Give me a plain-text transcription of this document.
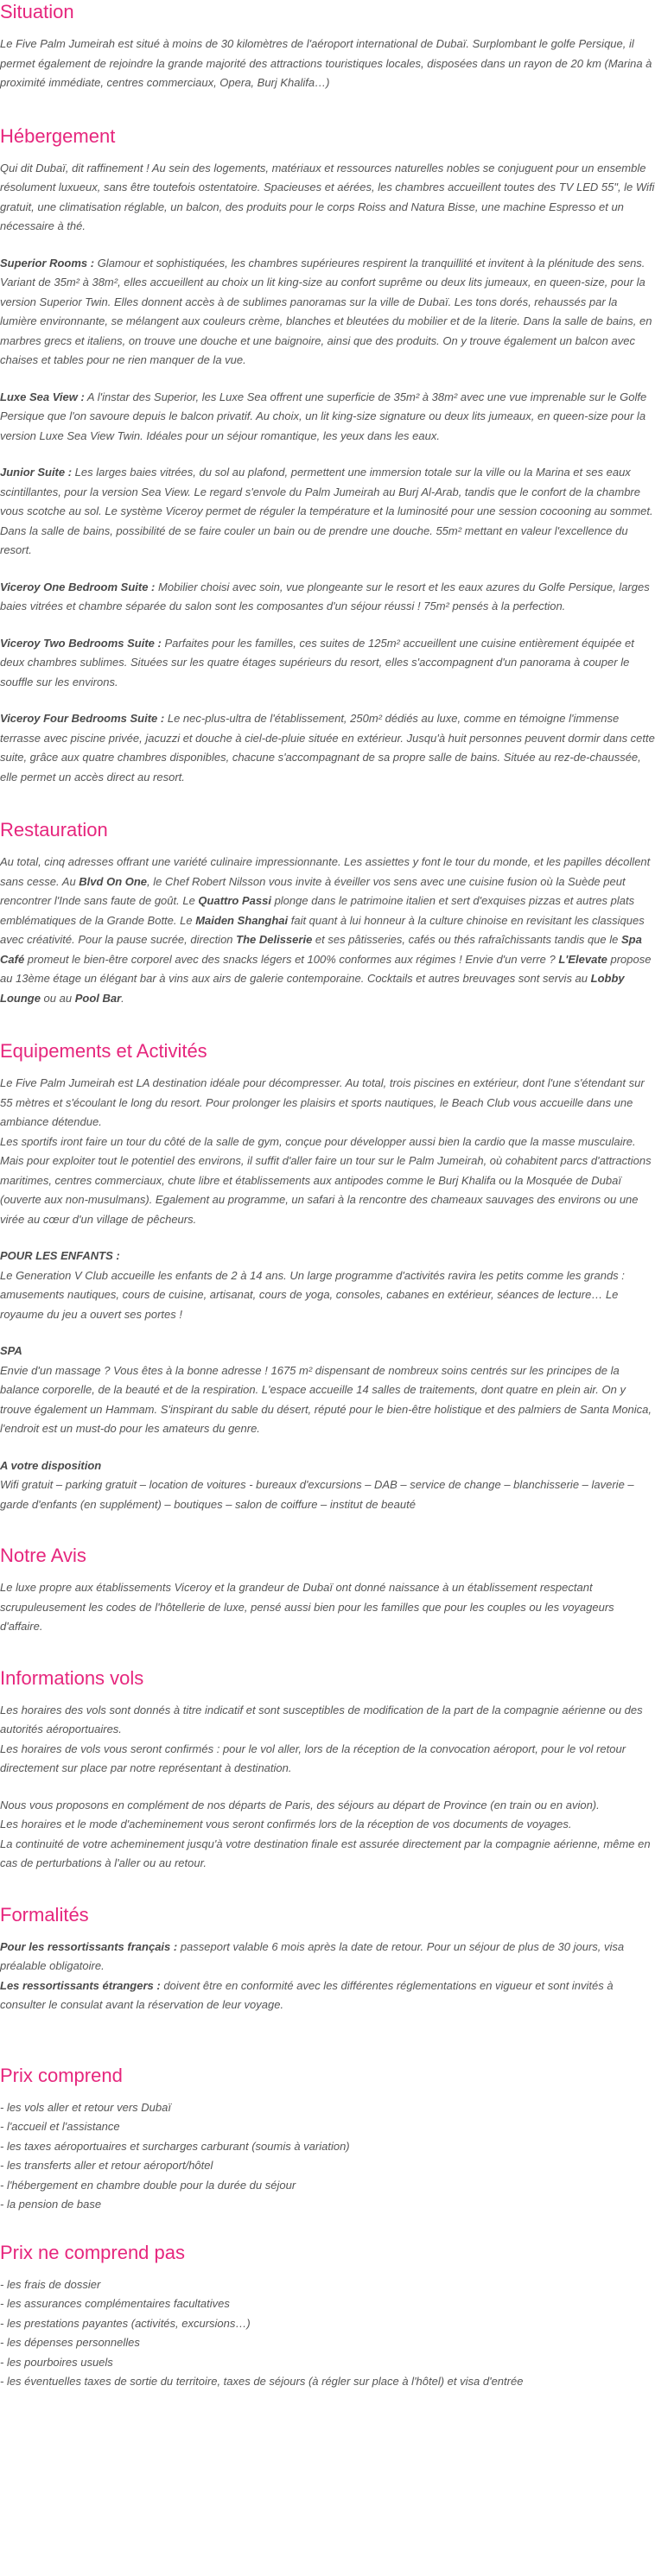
Situation

Le Five Palm Jumeirah est situé à moins de 30 kilomètres de l'aéroport international de Dubaï. Surplombant le golfe Persique, il permet également de rejoindre la grande majorité des attractions touristiques locales, disposées dans un rayon de 20 km (Marina à proximité immédiate, centres commerciaux, Opera, Burj Khalifa…)

Hébergement

Qui dit Dubaï, dit raffinement ! Au sein des logements, matériaux et ressources naturelles nobles se conjuguent pour un ensemble résolument luxueux, sans être toutefois ostentatoire. Spacieuses et aérées, les chambres accueillent toutes des TV LED 55", le Wifi gratuit, une climatisation réglable, un balcon, des produits pour le corps Roiss and Natura Bisse, une machine Espresso et un nécessaire à thé.

Superior Rooms : Glamour et sophistiquées, les chambres supérieures respirent la tranquillité et invitent à la plénitude des sens. Variant de 35m² à 38m², elles accueillent au choix un lit king-size au confort suprême ou deux lits jumeaux, en queen-size, pour la version Superior Twin. Elles donnent accès à de sublimes panoramas sur la ville de Dubaï. Les tons dorés, rehaussés par la lumière environnante, se mélangent aux couleurs crème, blanches et bleutées du mobilier et de la literie. Dans la salle de bains, en marbres grecs et italiens, on trouve une douche et une baignoire, ainsi que des produits. On y trouve également un balcon avec chaises et tables pour ne rien manquer de la vue.

Luxe Sea View : A l'instar des Superior, les Luxe Sea offrent une superficie de 35m² à 38m² avec une vue imprenable sur le Golfe Persique que l'on savoure depuis le balcon privatif. Au choix, un lit king-size signature ou deux lits jumeaux, en queen-size pour la version Luxe Sea View Twin. Idéales pour un séjour romantique, les yeux dans les eaux.

Junior Suite : Les larges baies vitrées, du sol au plafond, permettent une immersion totale sur la ville ou la Marina et ses eaux scintillantes, pour la version Sea View. Le regard s'envole du Palm Jumeirah au Burj Al-Arab, tandis que le confort de la chambre vous scotche au sol. Le système Viceroy permet de réguler la température et la luminosité pour une session cocooning au sommet. Dans la salle de bains, possibilité de se faire couler un bain ou de prendre une douche. 55m² mettant en valeur l'excellence du resort.

Viceroy One Bedroom Suite : Mobilier choisi avec soin, vue plongeante sur le resort et les eaux azures du Golfe Persique, larges baies vitrées et chambre séparée du salon sont les composantes d'un séjour réussi ! 75m² pensés à la perfection.

Viceroy Two Bedrooms Suite : Parfaites pour les familles, ces suites de 125m² accueillent une cuisine entièrement équipée et deux chambres sublimes. Situées sur les quatre étages supérieurs du resort, elles s'accompagnent d'un panorama à couper le souffle sur les environs.

Viceroy Four Bedrooms Suite : Le nec-plus-ultra de l'établissement, 250m² dédiés au luxe, comme en témoigne l'immense terrasse avec piscine privée, jacuzzi et douche à ciel-de-pluie située en extérieur. Jusqu'à huit personnes peuvent dormir dans cette suite, grâce aux quatre chambres disponibles, chacune s'accompagnant de sa propre salle de bains. Située au rez-de-chaussée, elle permet un accès direct au resort.

Restauration

Au total, cinq adresses offrant une variété culinaire impressionnante. Les assiettes y font le tour du monde, et les papilles décollent sans cesse. Au Blvd On One, le Chef Robert Nilsson vous invite à éveiller vos sens avec une cuisine fusion où la Suède peut rencontrer l'Inde sans faute de goût. Le Quattro Passi plonge dans le patrimoine italien et sert d'exquises pizzas et autres plats emblématiques de la Grande Botte. Le Maiden Shanghai fait quant à lui honneur à la culture chinoise en revisitant les classiques avec créativité. Pour la pause sucrée, direction The Delisserie et ses pâtisseries, cafés ou thés rafraîchissants tandis que le Spa Café promeut le bien-être corporel avec des snacks légers et 100% conformes aux régimes ! Envie d'un verre ? L'Elevate propose au 13ème étage un élégant bar à vins aux airs de galerie contemporaine. Cocktails et autres breuvages sont servis au Lobby Lounge ou au Pool Bar.

Equipements et Activités

Le Five Palm Jumeirah est LA destination idéale pour décompresser. Au total, trois piscines en extérieur, dont l'une s'étendant sur 55 mètres et s'écoulant le long du resort. Pour prolonger les plaisirs et sports nautiques, le Beach Club vous accueille dans une ambiance détendue.

Les sportifs iront faire un tour du côté de la salle de gym, conçue pour développer aussi bien la cardio que la masse musculaire.

Mais pour exploiter tout le potentiel des environs, il suffit d'aller faire un tour sur le Palm Jumeirah, où cohabitent parcs d'attractions maritimes, centres commerciaux, chute libre et établissements aux antipodes comme le Burj Khalifa ou la Mosquée de Dubaï (ouverte aux non-musulmans). Egalement au programme, un safari à la rencontre des chameaux sauvages des environs ou une virée au cœur d'un village de pêcheurs.

POUR LES ENFANTS :

Le Generation V Club accueille les enfants de 2 à 14 ans. Un large programme d'activités ravira les petits comme les grands : amusements nautiques, cours de cuisine, artisanat, cours de yoga, consoles, cabanes en extérieur, séances de lecture… Le royaume du jeu a ouvert ses portes !

SPA

Envie d'un massage ? Vous êtes à la bonne adresse ! 1675 m² dispensant de nombreux soins centrés sur les principes de la balance corporelle, de la beauté et de la respiration. L'espace accueille 14 salles de traitements, dont quatre en plein air. On y trouve également un Hammam. S'inspirant du sable du désert, réputé pour le bien-être holistique et des palmiers de Santa Monica, l'endroit est un must-do pour les amateurs du genre.

A votre disposition

Wifi gratuit – parking gratuit – location de voitures - bureaux d'excursions – DAB – service de change – blanchisserie – laverie – garde d'enfants (en supplément) – boutiques – salon de coiffure – institut de beauté

Notre Avis

Le luxe propre aux établissements Viceroy et la grandeur de Dubaï ont donné naissance à un établissement respectant scrupuleusement les codes de l'hôtellerie de luxe, pensé aussi bien pour les familles que pour les couples ou les voyageurs d'affaire.

Informations vols

Les horaires des vols sont donnés à titre indicatif et sont susceptibles de modification de la part de la compagnie aérienne ou des autorités aéroportuaires.

Les horaires de vols vous seront confirmés : pour le vol aller, lors de la réception de la convocation aéroport, pour le vol retour directement sur place par notre représentant à destination.

Nous vous proposons en complément de nos départs de Paris, des séjours au départ de Province (en train ou en avion).

Les horaires et le mode d'acheminement vous seront confirmés lors de la réception de vos documents de voyages.

La continuité de votre acheminement jusqu'à votre destination finale est assurée directement par la compagnie aérienne, même en cas de perturbations à l'aller ou au retour.

Formalités

Pour les ressortissants français : passeport valable 6 mois après la date de retour. Pour un séjour de plus de 30 jours, visa préalable obligatoire.

Les ressortissants étrangers : doivent être en conformité avec les différentes réglementations en vigueur et sont invités à consulter le consulat avant la réservation de leur voyage.

Prix comprend
- les vols aller et retour vers Dubaï
- l'accueil et l'assistance
- les taxes aéroportuaires et surcharges carburant (soumis à variation)
- les transferts aller et retour aéroport/hôtel
- l'hébergement en chambre double pour la durée du séjour
- la pension de base
Prix ne comprend pas
- les frais de dossier
- les assurances complémentaires facultatives
- les prestations payantes (activités, excursions…)
- les dépenses personnelles
- les pourboires usuels
- les éventuelles taxes de sortie du territoire, taxes de séjours (à régler sur place à l'hôtel) et visa d'entrée
